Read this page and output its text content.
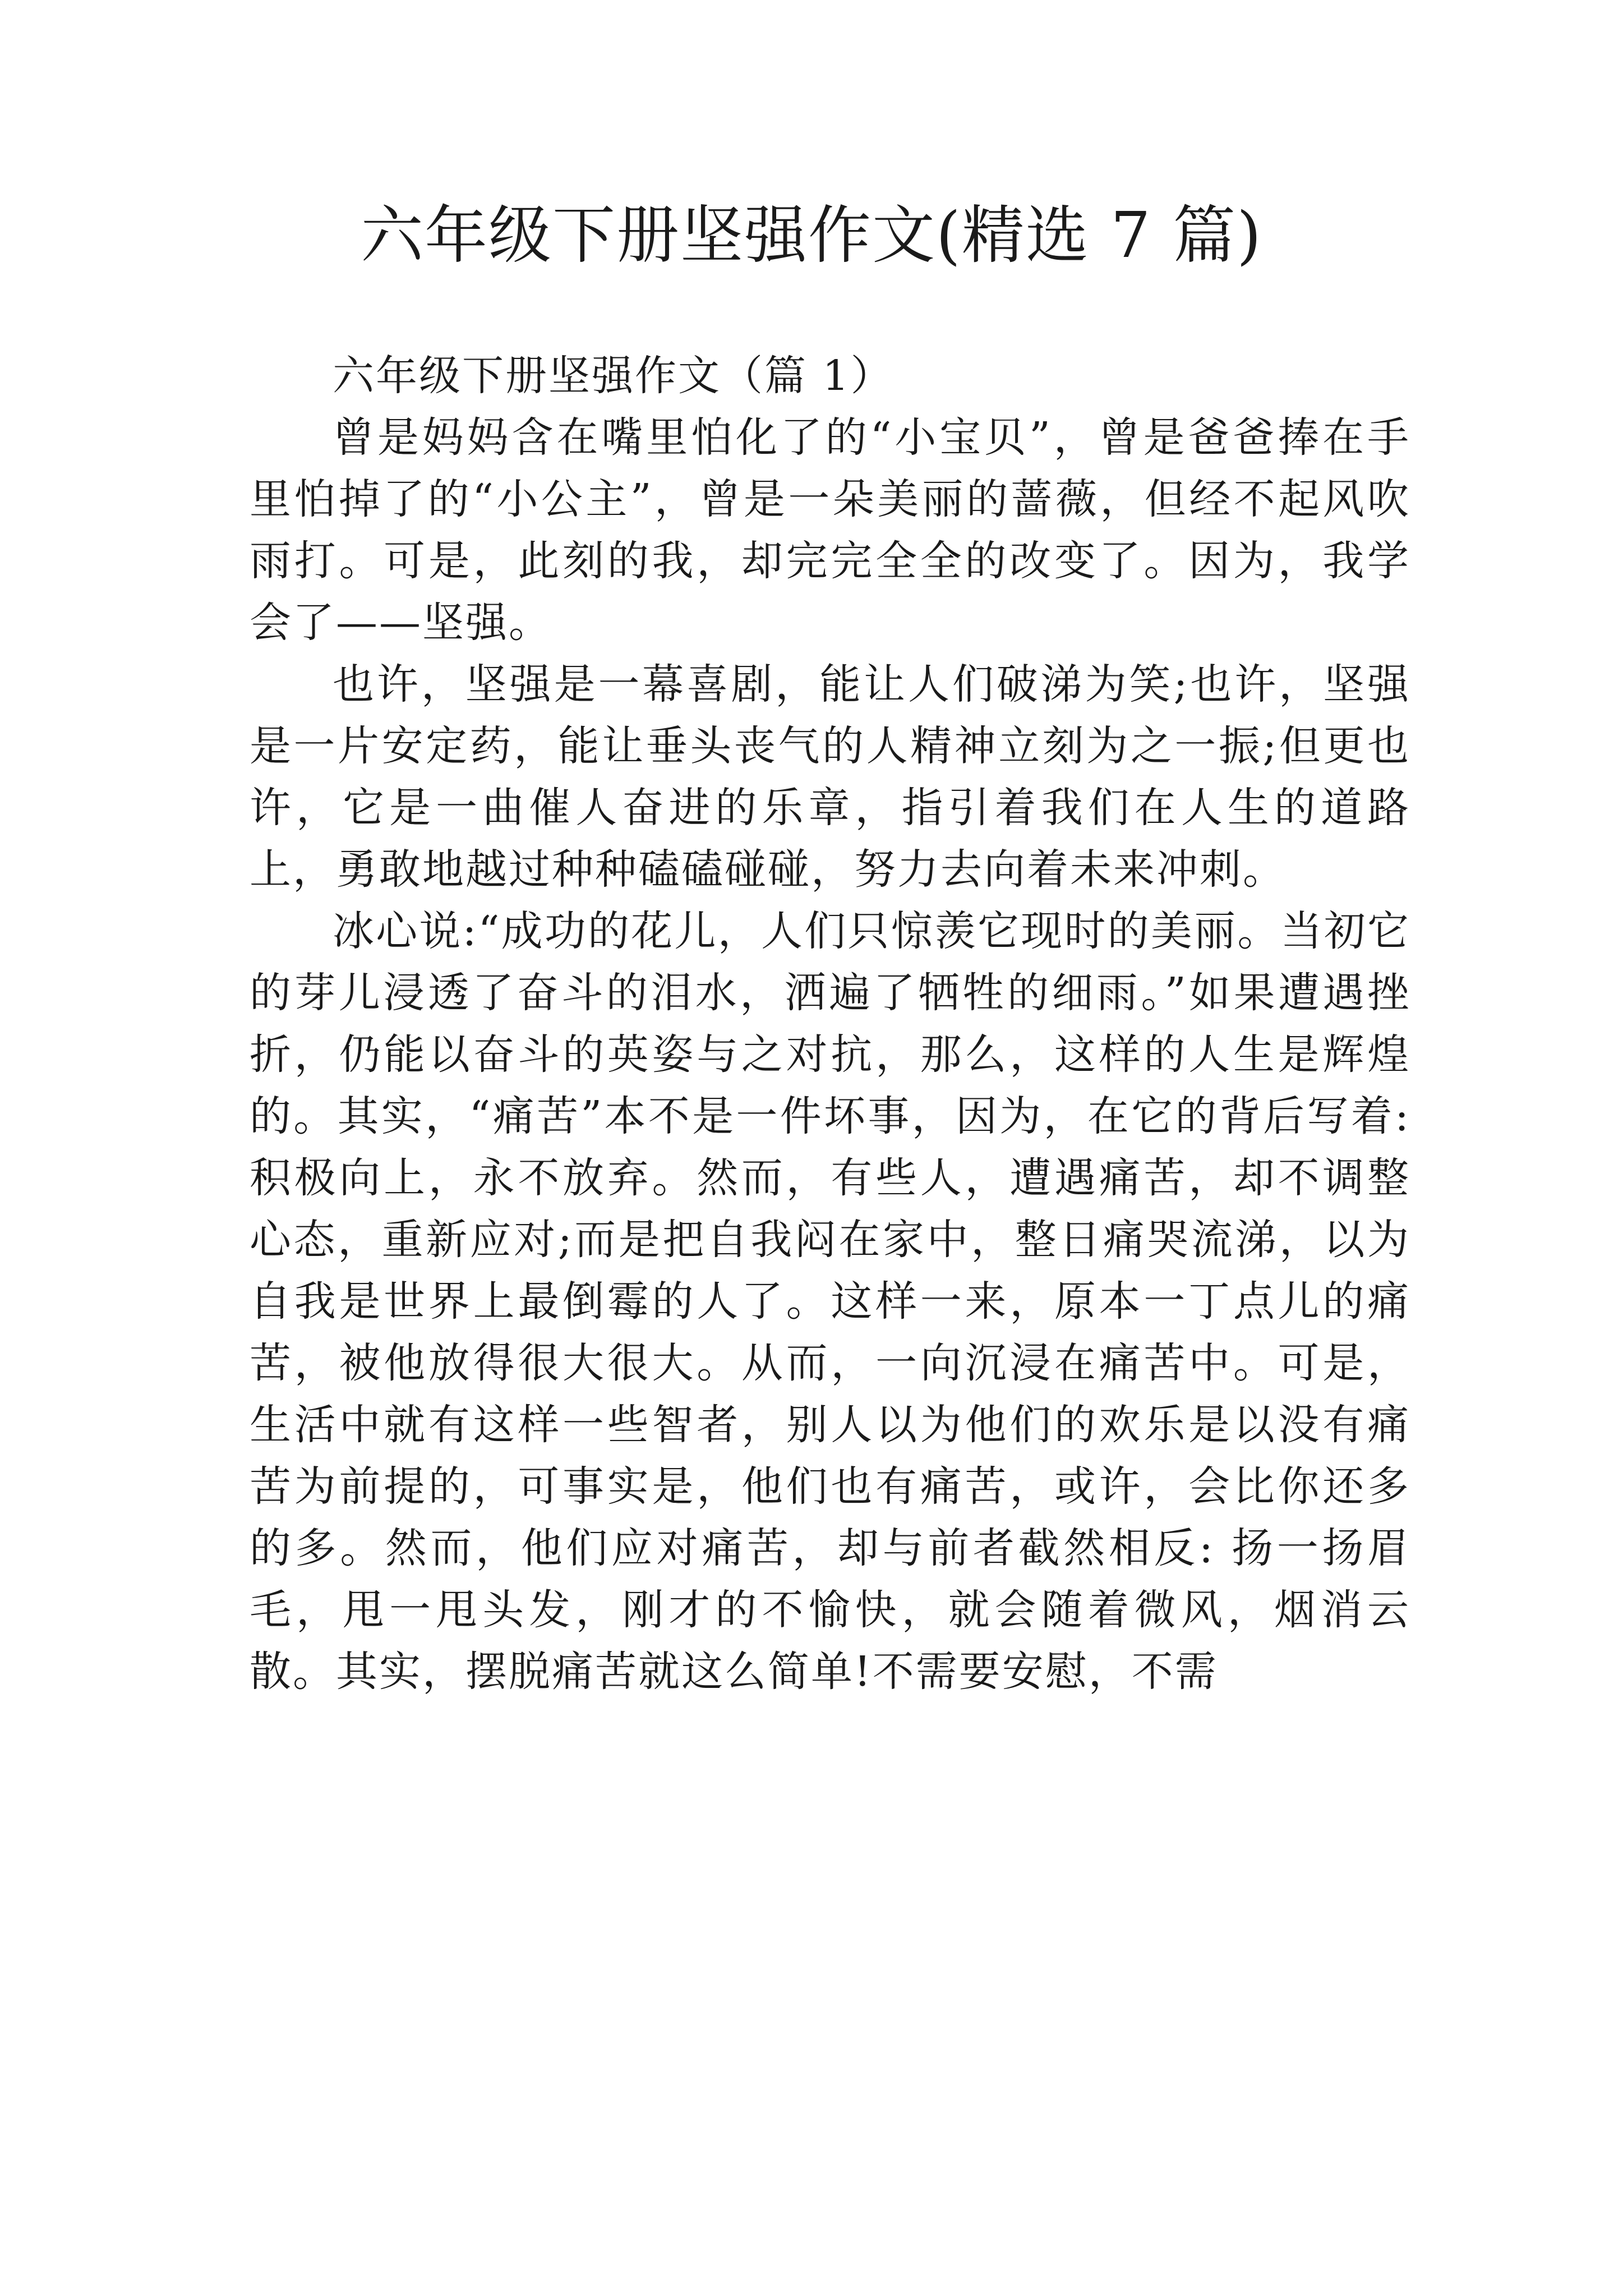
六年级下册坚强作文(精选 7 篇)

六年级下册坚强作文（篇 1）

曾是妈妈含在嘴里怕化了的“小宝贝”，曾是爸爸捧在手里怕掉了的“小公主”，曾是一朵美丽的蔷薇，但经不起风吹雨打。可是，此刻的我，却完完全全的改变了。因为，我学会了——坚强。

也许，坚强是一幕喜剧，能让人们破涕为笑;也许，坚强是一片安定药，能让垂头丧气的人精神立刻为之一振;但更也许，它是一曲催人奋进的乐章，指引着我们在人生的道路上，勇敢地越过种种磕磕碰碰，努力去向着未来冲刺。

冰心说:“成功的花儿，人们只惊羡它现时的美丽。当初它的芽儿浸透了奋斗的泪水，洒遍了牺牲的细雨。”如果遭遇挫折，仍能以奋斗的英姿与之对抗，那么，这样的人生是辉煌的。其实，“痛苦”本不是一件坏事，因为，在它的背后写着: 积极向上，永不放弃。然而，有些人，遭遇痛苦，却不调整心态，重新应对;而是把自我闷在家中，整日痛哭流涕，以为自我是世界上最倒霉的人了。这样一来，原本一丁点儿的痛苦，被他放得很大很大。从而，一向沉浸在痛苦中。可是，生活中就有这样一些智者，别人以为他们的欢乐是以没有痛苦为前提的，可事实是，他们也有痛苦，或许，会比你还多的多。然而，他们应对痛苦，却与前者截然相反: 扬一扬眉毛，甩一甩头发，刚才的不愉快，就会随着微风，烟消云散。其实，摆脱痛苦就这么简单!不需要安慰，不需
